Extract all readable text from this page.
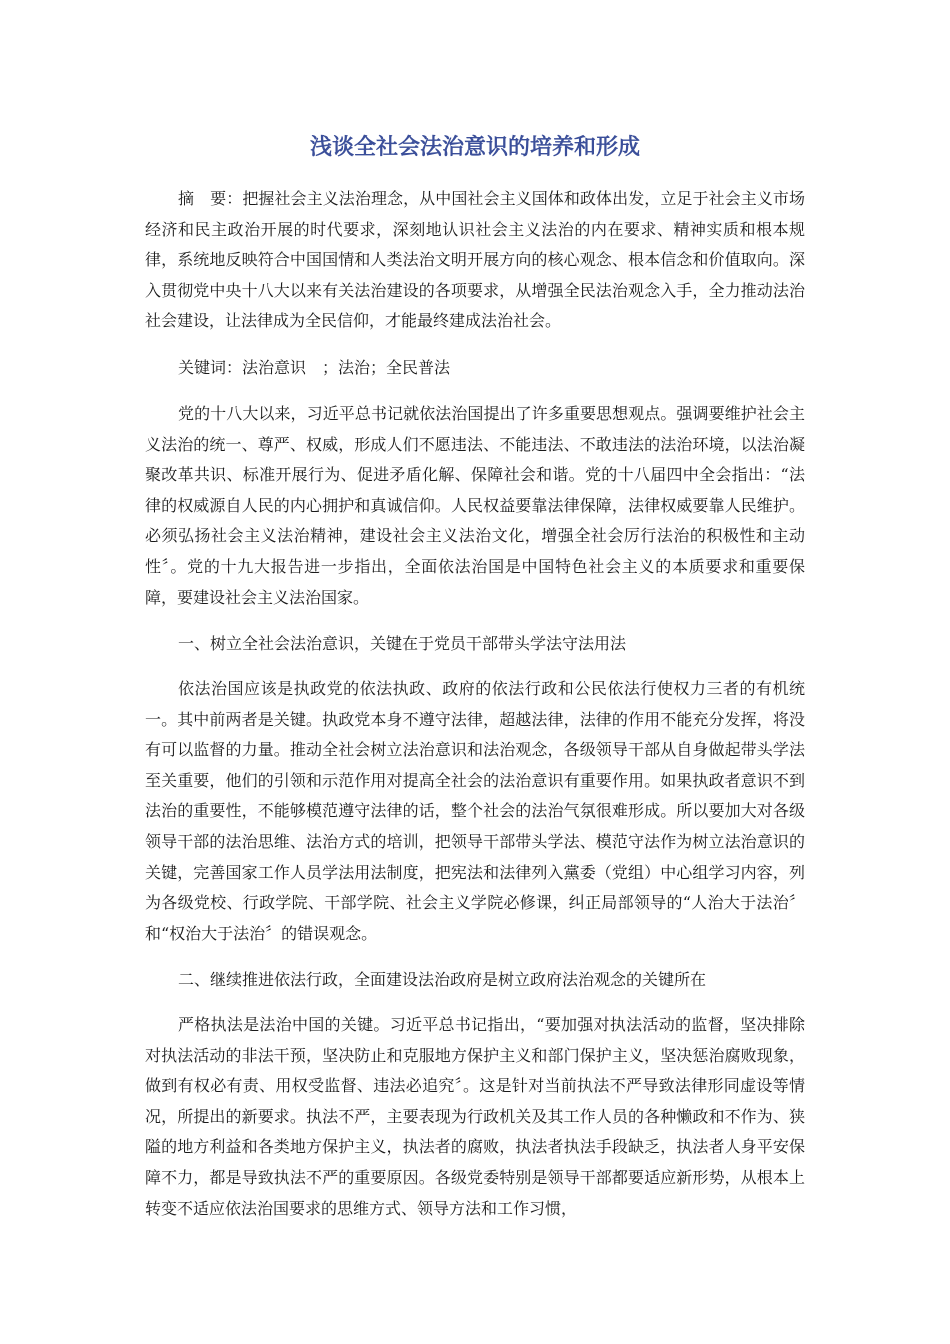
浅谈全社会法治意识的培养和形成

摘　要：把握社会主义法治理念，从中国社会主义国体和政体出发，立足于社会主义市场经济和民主政治开展的时代要求，深刻地认识社会主义法治的内在要求、精神实质和根本规律，系统地反映符合中国国情和人类法治文明开展方向的核心观念、根本信念和价值取向。深入贯彻党中央十八大以来有关法治建设的各项要求，从增强全民法治观念入手，全力推动法治社会建设，让法律成为全民信仰，才能最终建成法治社会。

关键词：法治意识　；法治；全民普法

党的十八大以来，习近平总书记就依法治国提出了许多重要思想观点。强调要维护社会主义法治的统一、尊严、权威，形成人们不愿违法、不能违法、不敢违法的法治环境，以法治凝聚改革共识、标准开展行为、促进矛盾化解、保障社会和谐。党的十八届四中全会指出：“法律的权威源自人民的内心拥护和真诚信仰。人民权益要靠法律保障，法律权威要靠人民维护。必须弘扬社会主义法治精神，建设社会主义法治文化，增强全社会厉行法治的积极性和主动性〞。党的十九大报告进一步指出，全面依法治国是中国特色社会主义的本质要求和重要保障，要建设社会主义法治国家。

一、树立全社会法治意识，关键在于党员干部带头学法守法用法

依法治国应该是执政党的依法执政、政府的依法行政和公民依法行使权力三者的有机统一。其中前两者是关键。执政党本身不遵守法律，超越法律，法律的作用不能充分发挥，将没有可以监督的力量。推动全社会树立法治意识和法治观念，各级领导干部从自身做起带头学法至关重要，他们的引领和示范作用对提高全社会的法治意识有重要作用。如果执政者意识不到法治的重要性，不能够模范遵守法律的话，整个社会的法治气氛很难形成。所以要加大对各级领导干部的法治思维、法治方式的培训，把领导干部带头学法、模范守法作为树立法治意识的关键，完善国家工作人员学法用法制度，把宪法和法律列入黨委（党组）中心组学习内容，列为各级党校、行政学院、干部学院、社会主义学院必修课，纠正局部领导的“人治大于法治〞和“权治大于法治〞的错误观念。

二、继续推进依法行政，全面建设法治政府是树立政府法治观念的关键所在

严格执法是法治中国的关键。习近平总书记指出，“要加强对执法活动的监督，坚决排除对执法活动的非法干预，坚决防止和克服地方保护主义和部门保护主义，坚决惩治腐败现象，做到有权必有责、用权受监督、违法必追究〞。这是针对当前执法不严导致法律形同虚设等情况，所提出的新要求。执法不严，主要表现为行政机关及其工作人员的各种懒政和不作为、狭隘的地方利益和各类地方保护主义，执法者的腐败，执法者执法手段缺乏，执法者人身平安保障不力，都是导致执法不严的重要原因。各级党委特别是领导干部都要适应新形势，从根本上转变不适应依法治国要求的思维方式、领导方法和工作习惯，
